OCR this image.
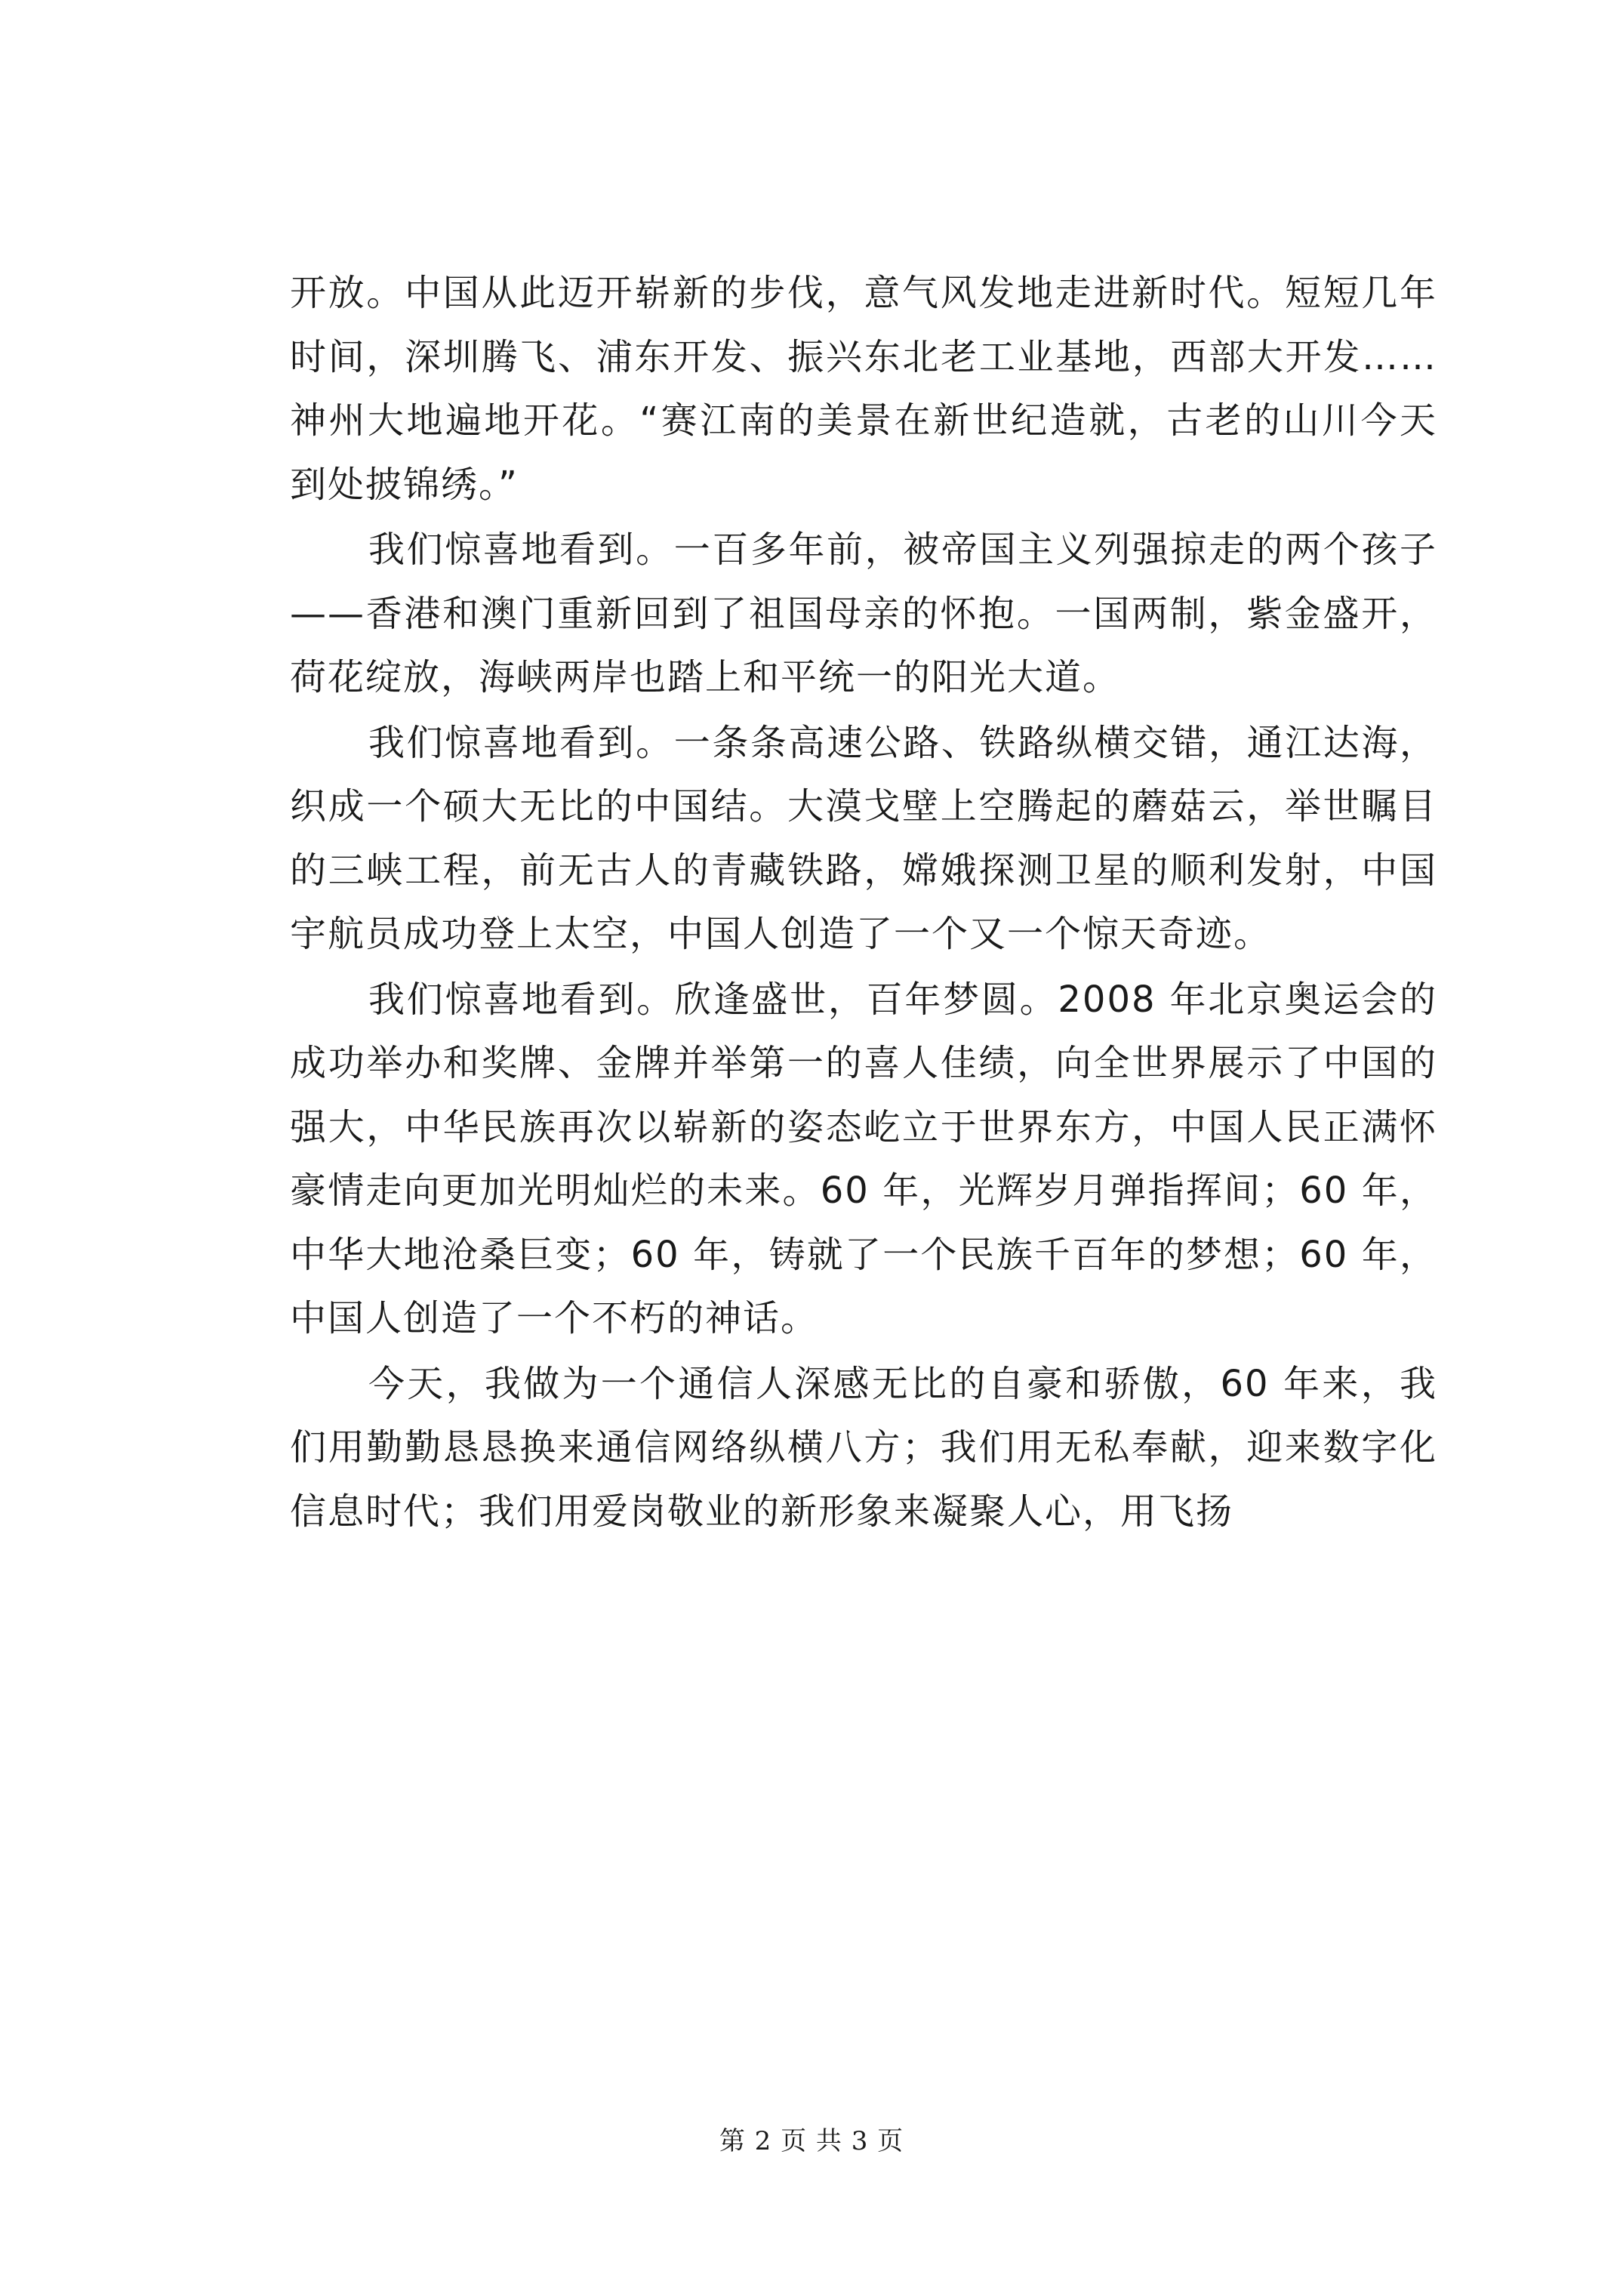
开放。中国从此迈开崭新的步伐，意气风发地走进新时代。短短几年时间，深圳腾飞、浦东开发、振兴东北老工业基地，西部大开发……神州大地遍地开花。“赛江南的美景在新世纪造就，古老的山川今天到处披锦绣。”

我们惊喜地看到。一百多年前，被帝国主义列强掠走的两个孩子——香港和澳门重新回到了祖国母亲的怀抱。一国两制，紫金盛开，荷花绽放，海峡两岸也踏上和平统一的阳光大道。

我们惊喜地看到。一条条高速公路、铁路纵横交错，通江达海，织成一个硕大无比的中国结。大漠戈壁上空腾起的蘑菇云，举世瞩目的三峡工程，前无古人的青藏铁路，嫦娥探测卫星的顺利发射，中国宇航员成功登上太空，中国人创造了一个又一个惊天奇迹。

我们惊喜地看到。欣逢盛世，百年梦圆。2008 年北京奥运会的成功举办和奖牌、金牌并举第一的喜人佳绩，向全世界展示了中国的强大，中华民族再次以崭新的姿态屹立于世界东方，中国人民正满怀豪情走向更加光明灿烂的未来。60 年，光辉岁月弹指挥间；60 年，中华大地沧桑巨变；60 年，铸就了一个民族千百年的梦想；60 年，中国人创造了一个不朽的神话。

今天，我做为一个通信人深感无比的自豪和骄傲，60 年来，我们用勤勤恳恳换来通信网络纵横八方；我们用无私奉献，迎来数字化信息时代；我们用爱岗敬业的新形象来凝聚人心，用飞扬

第 2 页 共 3 页
